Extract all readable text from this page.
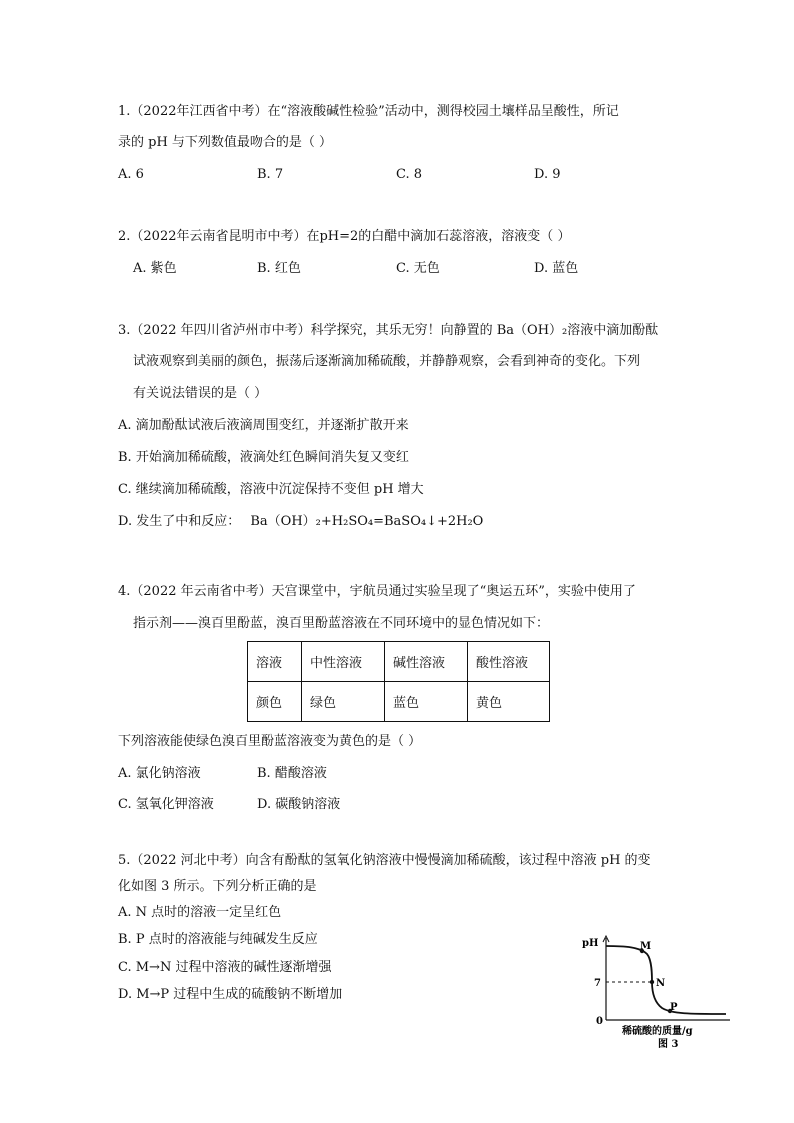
1.（2022年江西省中考）在“溶液酸碱性检验”活动中，测得校园土壤样品呈酸性，所记
录的 pH 与下列数值最吻合的是（ ）
A. 6	B. 7	C. 8	D. 9
2.（2022年云南省昆明市中考）在pH=2的白醋中滴加石蕊溶液，溶液变（ ）
A. 紫色	B. 红色	C. 无色	D. 蓝色
3.（2022 年四川省泸州市中考）科学探究，其乐无穷！向静置的 Ba（OH）₂溶液中滴加酚酞
试液观察到美丽的颜色，振荡后逐渐滴加稀硫酸，并静静观察，会看到神奇的变化。下列
有关说法错误的是（ ）
A. 滴加酚酞试液后液滴周围变红，并逐渐扩散开来
B. 开始滴加稀硫酸，液滴处红色瞬间消失复又变红
C. 继续滴加稀硫酸，溶液中沉淀保持不变但 pH 增大
D. 发生了中和反应： Ba（OH）₂+H₂SO₄=BaSO₄↓+2H₂O
4.（2022 年云南省中考）天宫课堂中，宇航员通过实验呈现了“奥运五环”，实验中使用了
指示剂——溴百里酚蓝，溴百里酚蓝溶液在不同环境中的显色情况如下：
溶液	中性溶液	碱性溶液	酸性溶液
颜色	绿色	蓝色	黄色
下列溶液能使绿色溴百里酚蓝溶液变为黄色的是（ ）
A. 氯化钠溶液	B. 醋酸溶液
C. 氢氧化钾溶液	D. 碳酸钠溶液
5.（2022 河北中考）向含有酚酞的氢氧化钠溶液中慢慢滴加稀硫酸，该过程中溶液 pH 的变
化如图 3 所示。下列分析正确的是
A. N 点时的溶液一定呈红色
B. P 点时的溶液能与纯碱发生反应
C. M→N 过程中溶液的碱性逐渐增强
D. M→P 过程中生成的硫酸钠不断增加
pH
7
0
M
N
P
稀硫酸的质量/g
图 3
